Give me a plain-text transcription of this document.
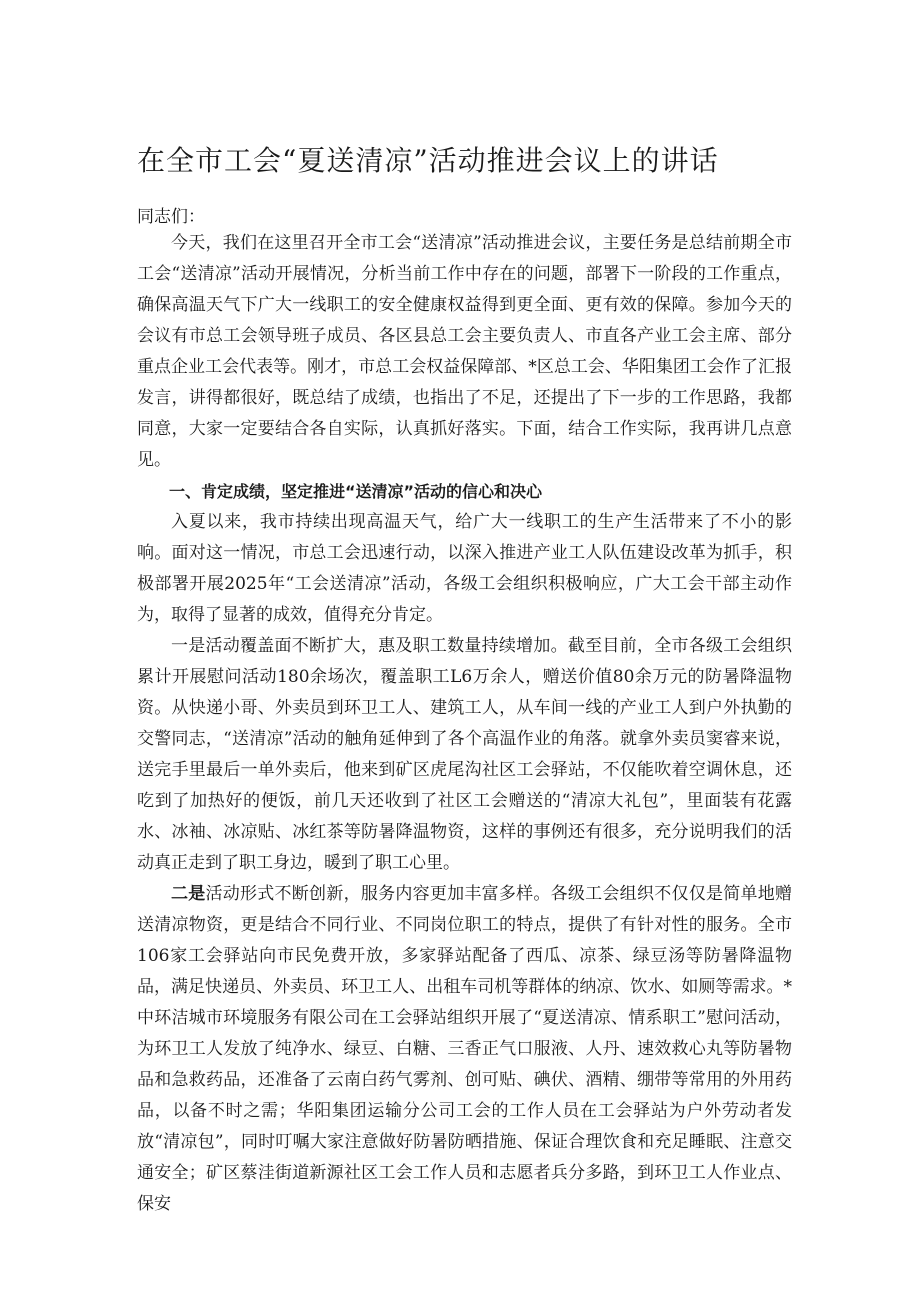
在全市工会“夏送清凉”活动推进会议上的讲话
同志们：

今天，我们在这里召开全市工会“送清凉”活动推进会议，主要任务是总结前期全市工会“送清凉”活动开展情况，分析当前工作中存在的问题，部署下一阶段的工作重点，确保高温天气下广大一线职工的安全健康权益得到更全面、更有效的保障。参加今天的会议有市总工会领导班子成员、各区县总工会主要负责人、市直各产业工会主席、部分重点企业工会代表等。刚才，市总工会权益保障部、*区总工会、华阳集团工会作了汇报发言，讲得都很好，既总结了成绩，也指出了不足，还提出了下一步的工作思路，我都同意，大家一定要结合各自实际，认真抓好落实。下面，结合工作实际，我再讲几点意见。

一、肯定成绩，坚定推进“送清凉”活动的信心和决心

入夏以来，我市持续出现高温天气，给广大一线职工的生产生活带来了不小的影响。面对这一情况，市总工会迅速行动，以深入推进产业工人队伍建设改革为抓手，积极部署开展2025年“工会送清凉”活动，各级工会组织积极响应，广大工会干部主动作为，取得了显著的成效，值得充分肯定。

一是活动覆盖面不断扩大，惠及职工数量持续增加。截至目前，全市各级工会组织累计开展慰问活动180余场次，覆盖职工L6万余人，赠送价值80余万元的防暑降温物资。从快递小哥、外卖员到环卫工人、建筑工人，从车间一线的产业工人到户外执勤的交警同志，“送清凉”活动的触角延伸到了各个高温作业的角落。就拿外卖员窦睿来说，送完手里最后一单外卖后，他来到矿区虎尾沟社区工会驿站，不仅能吹着空调休息，还吃到了加热好的便饭，前几天还收到了社区工会赠送的“清凉大礼包”，里面装有花露水、冰袖、冰凉贴、冰红茶等防暑降温物资，这样的事例还有很多，充分说明我们的活动真正走到了职工身边，暖到了职工心里。

二是活动形式不断创新，服务内容更加丰富多样。各级工会组织不仅仅是简单地赠送清凉物资，更是结合不同行业、不同岗位职工的特点，提供了有针对性的服务。全市106家工会驿站向市民免费开放，多家驿站配备了西瓜、凉茶、绿豆汤等防暑降温物品，满足快递员、外卖员、环卫工人、出租车司机等群体的纳凉、饮水、如厕等需求。*中环洁城市环境服务有限公司在工会驿站组织开展了“夏送清凉、情系职工”慰问活动，为环卫工人发放了纯净水、绿豆、白糖、三香正气口服液、人丹、速效救心丸等防暑物品和急救药品，还准备了云南白药气雾剂、创可贴、碘伏、酒精、绷带等常用的外用药品，以备不时之需；华阳集团运输分公司工会的工作人员在工会驿站为户外劳动者发放“清凉包”，同时叮嘱大家注意做好防暑防晒措施、保证合理饮食和充足睡眠、注意交通安全；矿区蔡洼街道新源社区工会工作人员和志愿者兵分多路，到环卫工人作业点、保安
